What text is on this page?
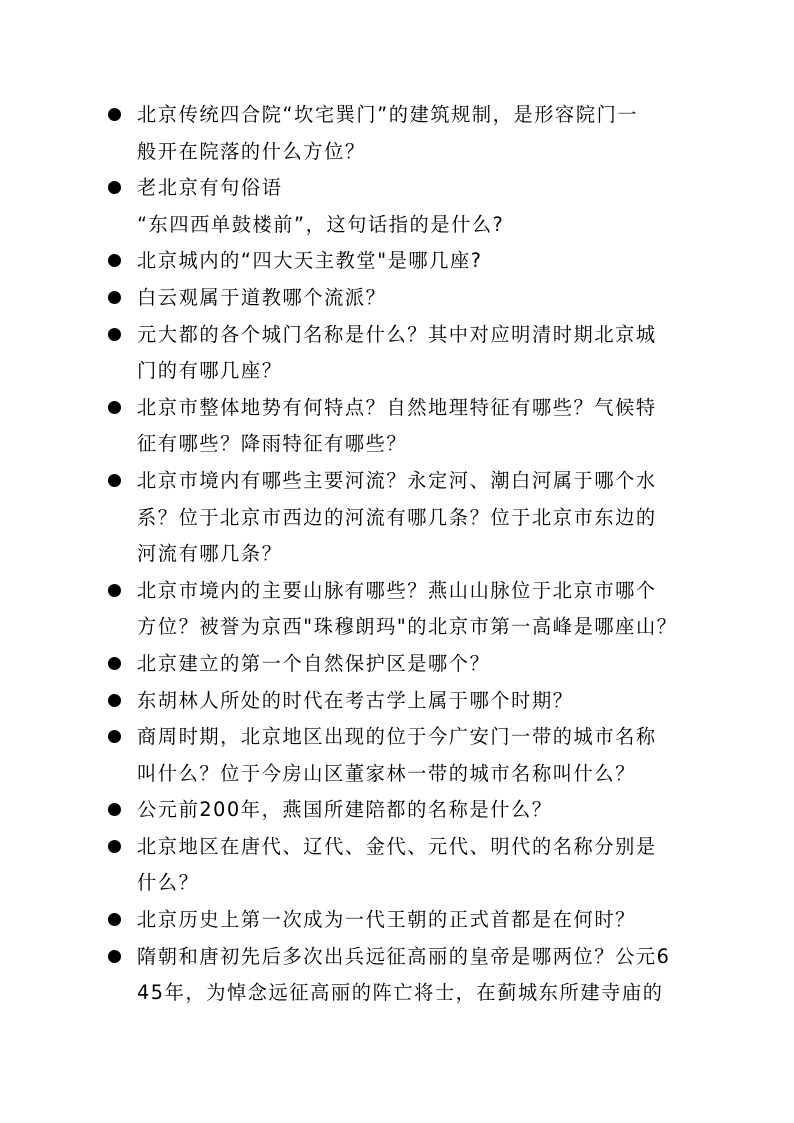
北京传统四合院“坎宅巽门”的建筑规制，是形容院门一
般开在院落的什么方位？
老北京有句俗语
“东四西单鼓楼前”，这句话指的是什么?
北京城内的“四大天主教堂"是哪几座?
白云观属于道教哪个流派？
元大都的各个城门名称是什么？其中对应明清时期北京城
门的有哪几座？
北京市整体地势有何特点？自然地理特征有哪些？气候特
征有哪些？降雨特征有哪些？
北京市境内有哪些主要河流？永定河、潮白河属于哪个水
系？位于北京市西边的河流有哪几条？位于北京市东边的
河流有哪几条？
北京市境内的主要山脉有哪些？燕山山脉位于北京市哪个
方位？被誉为京西"珠穆朗玛"的北京市第一高峰是哪座山？
北京建立的第一个自然保护区是哪个？
东胡林人所处的时代在考古学上属于哪个时期？
商周时期，北京地区出现的位于今广安门一带的城市名称
叫什么？位于今房山区董家林一带的城市名称叫什么？
公元前200年，燕国所建陪都的名称是什么？
北京地区在唐代、辽代、金代、元代、明代的名称分别是
什么？
北京历史上第一次成为一代王朝的正式首都是在何时？
隋朝和唐初先后多次出兵远征高丽的皇帝是哪两位？公元6
45年，为悼念远征高丽的阵亡将士，在蓟城东所建寺庙的
